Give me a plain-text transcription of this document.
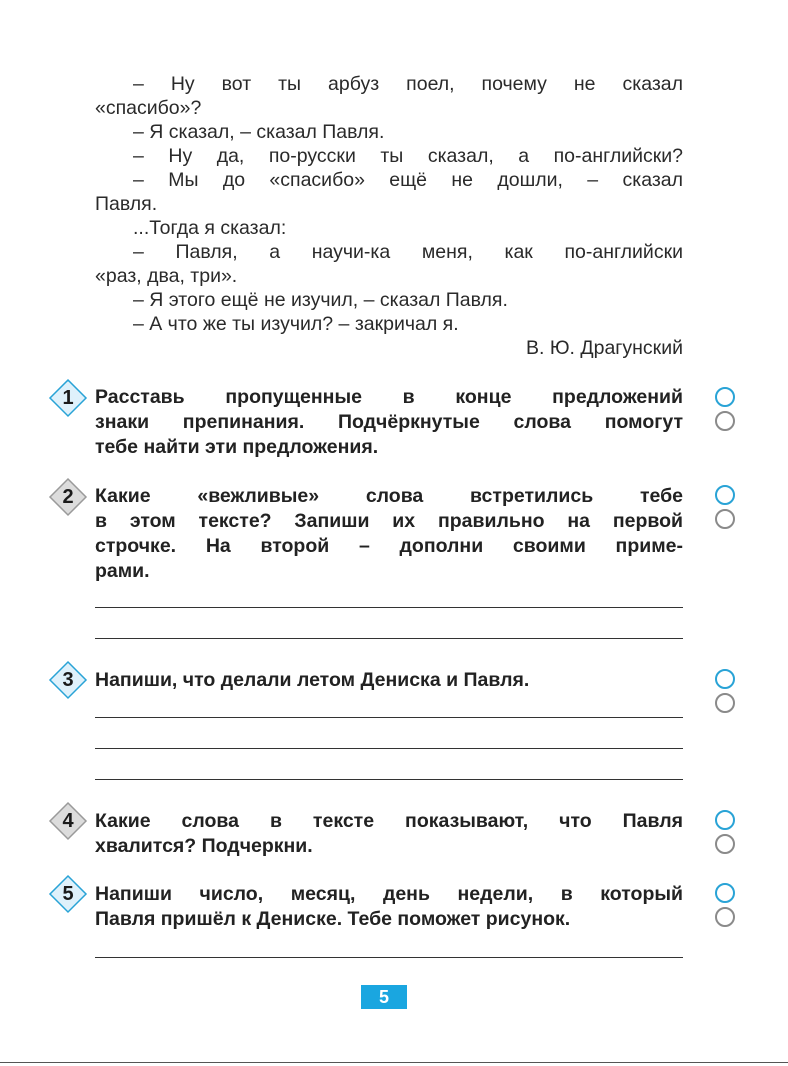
– Ну вот ты арбуз поел, почему не сказал

«спасибо»?

– Я сказал, – сказал Павля.

– Ну да, по-русски ты сказал, а по-английски?

– Мы до «спасибо» ещё не дошли, – сказал

Павля.

...Тогда я сказал:

– Павля, а научи-ка меня, как по-английски

«раз, два, три».

– Я этого ещё не изучил, – сказал Павля.

– А что же ты изучил? – закричал я.

В. Ю. Драгунский

1	Расставь пропущенные в конце предложений
знаки препинания. Подчёркнутые слова помогут
тебе найти эти предложения.
2	Какие «вежливые» слова встретились тебе
в этом тексте? Запиши их правильно на первой
строчке. На второй – дополни своими приме-
рами.
3	Напиши, что делали летом Дениска и Павля.
4	Какие слова в тексте показывают, что Павля
хвалится? Подчеркни.
5	Напиши число, месяц, день недели, в который
Павля пришёл к Дениске. Тебе поможет рисунок.
5
